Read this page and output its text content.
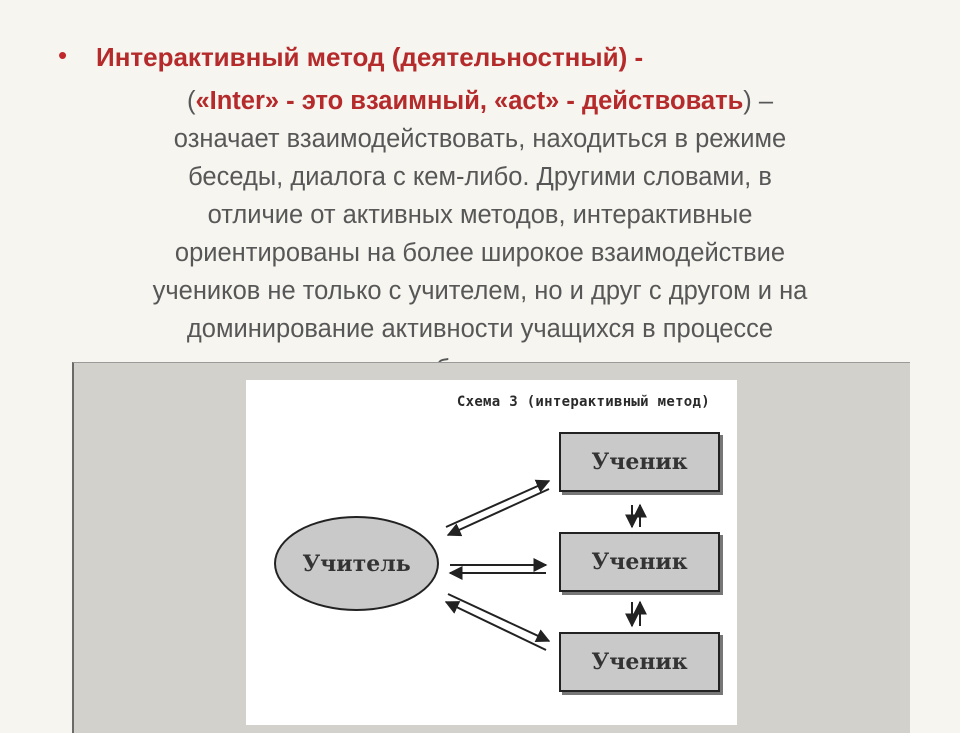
• Интерактивный метод (деятельностный) -
(«Inter» - это взаимный, «act» - действовать) –
означает взаимодействовать, находиться в режиме
беседы, диалога с кем-либо. Другими словами, в
отличие от активных методов, интерактивные
ориентированы на более широкое взаимодействие
учеников не только с учителем, но и друг с другом и на
доминирование активности учащихся в процессе
Схема 3 (интерактивный метод)
Учитель
Ученик
Ученик
Ученик
